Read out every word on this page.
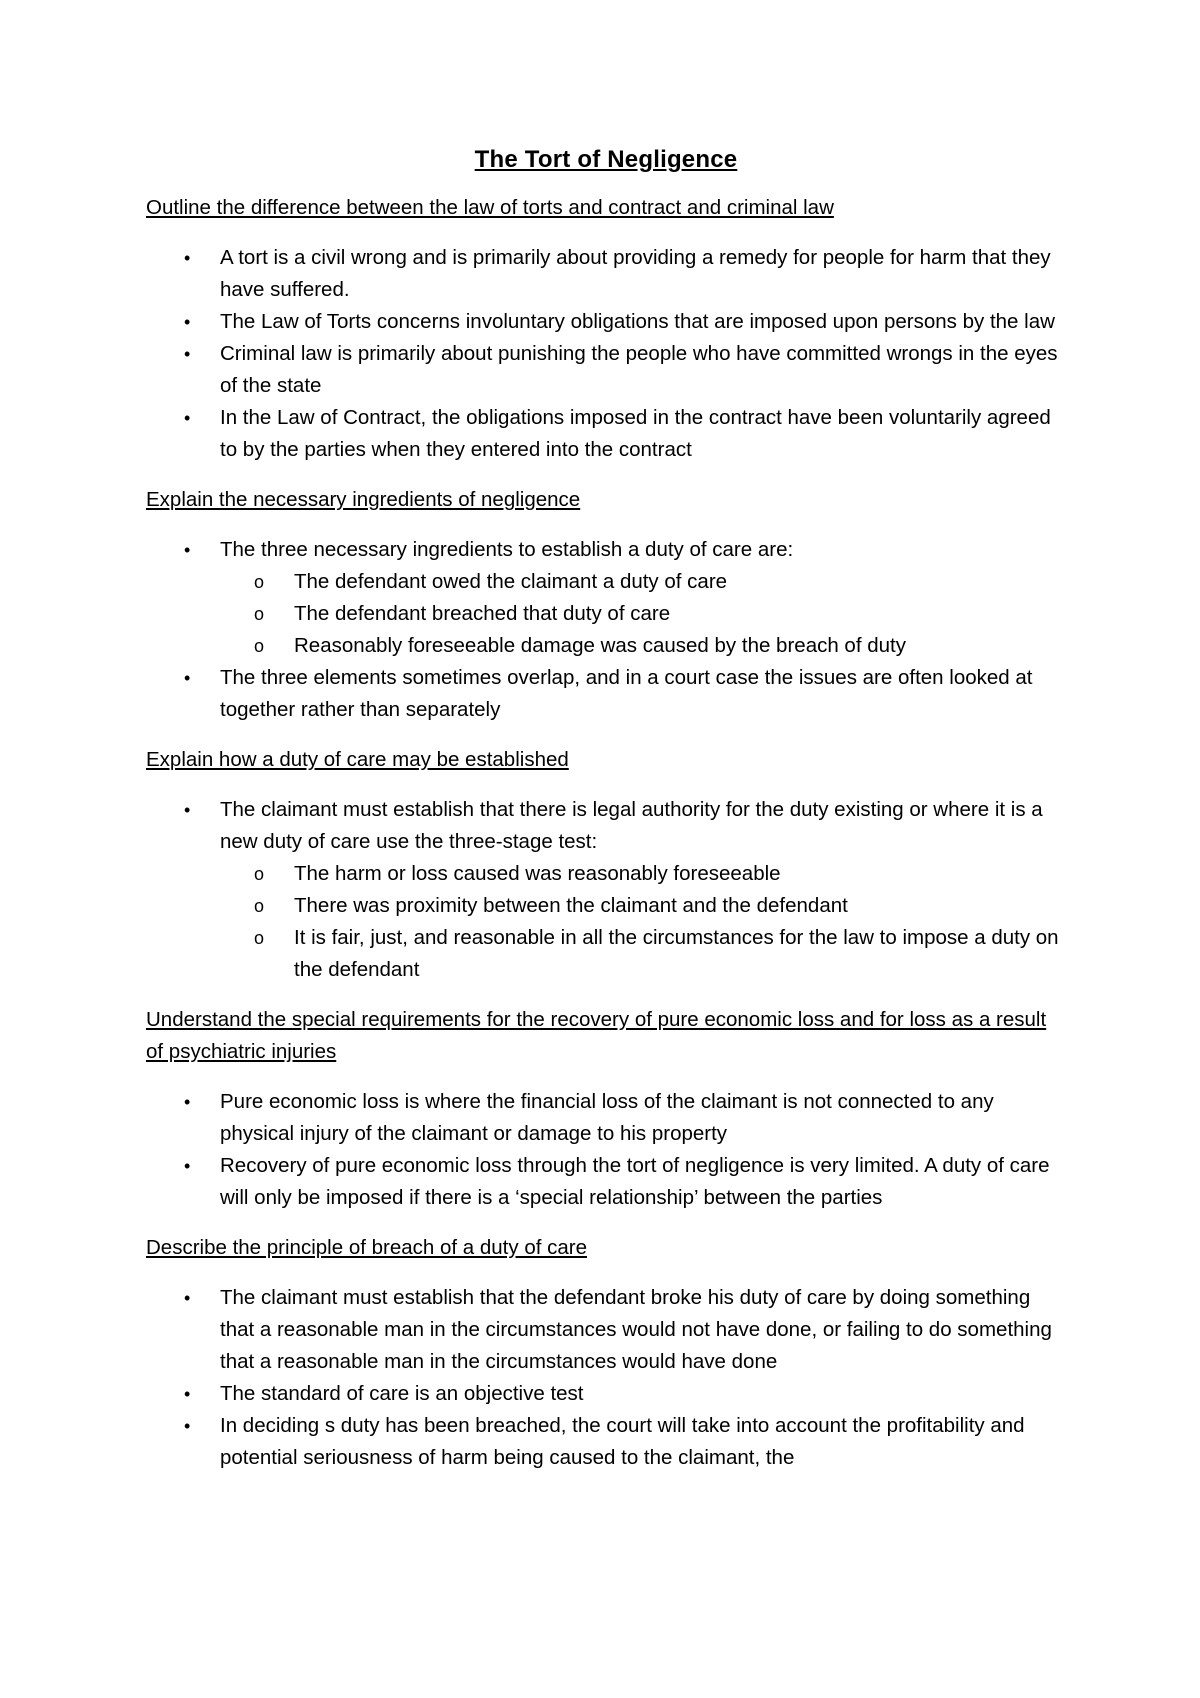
The Tort of Negligence
Outline the difference between the law of torts and contract and criminal law
• A tort is a civil wrong and is primarily about providing a remedy for people for harm that they have suffered.
• The Law of Torts concerns involuntary obligations that are imposed upon persons by the law
• Criminal law is primarily about punishing the people who have committed wrongs in the eyes of the state
• In the Law of Contract, the obligations imposed in the contract have been voluntarily agreed to by the parties when they entered into the contract
Explain the necessary ingredients of negligence
• The three necessary ingredients to establish a duty of care are:
o The defendant owed the claimant a duty of care
o The defendant breached that duty of care
o Reasonably foreseeable damage was caused by the breach of duty
• The three elements sometimes overlap, and in a court case the issues are often looked at together rather than separately
Explain how a duty of care may be established
• The claimant must establish that there is legal authority for the duty existing or where it is a new duty of care use the three-stage test:
o The harm or loss caused was reasonably foreseeable
o There was proximity between the claimant and the defendant
o It is fair, just, and reasonable in all the circumstances for the law to impose a duty on the defendant
Understand the special requirements for the recovery of pure economic loss and for loss as a result of psychiatric injuries
• Pure economic loss is where the financial loss of the claimant is not connected to any physical injury of the claimant or damage to his property
• Recovery of pure economic loss through the tort of negligence is very limited. A duty of care will only be imposed if there is a ‘special relationship’ between the parties
Describe the principle of breach of a duty of care
• The claimant must establish that the defendant broke his duty of care by doing something that a reasonable man in the circumstances would not have done, or failing to do something that a reasonable man in the circumstances would have done
• The standard of care is an objective test
• In deciding s duty has been breached, the court will take into account the profitability and potential seriousness of harm being caused to the claimant, the
